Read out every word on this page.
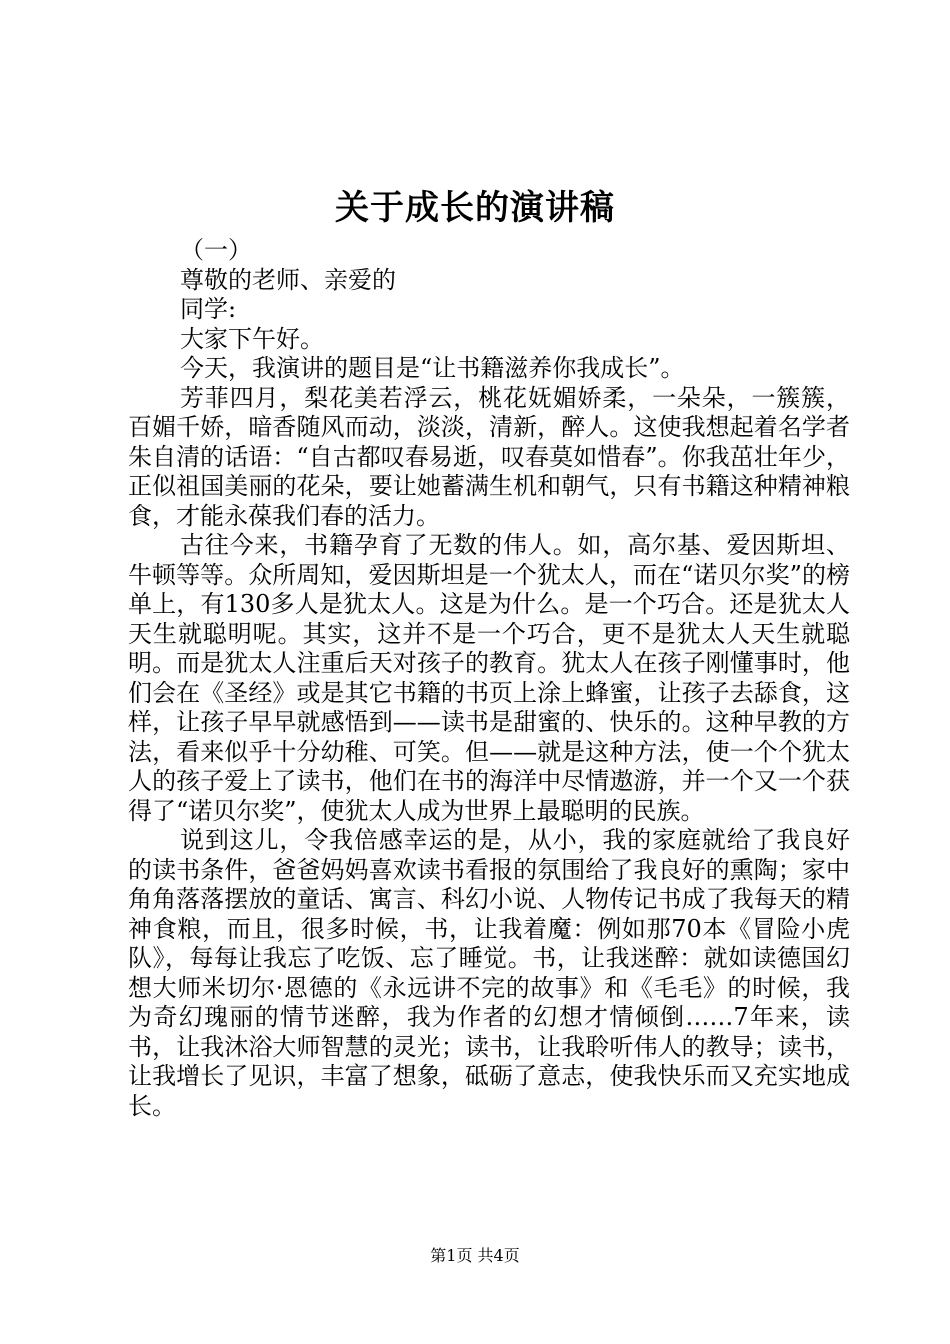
关于成长的演讲稿

（一）

尊敬的老师、亲爱的

同学:

大家下午好。

今天，我演讲的题目是“让书籍滋养你我成长”。

芳菲四月，梨花美若浮云，桃花妩媚娇柔，一朵朵，一簇簇，百媚千娇，暗香随风而动，淡淡，清新，醉人。这使我想起着名学者朱自清的话语：“自古都叹春易逝，叹春莫如惜春”。你我茁壮年少，正似祖国美丽的花朵，要让她蓄满生机和朝气，只有书籍这种精神粮食，才能永葆我们春的活力。

古往今来，书籍孕育了无数的伟人。如，高尔基、爱因斯坦、牛顿等等。众所周知，爱因斯坦是一个犹太人，而在“诺贝尔奖”的榜单上，有130多人是犹太人。这是为什么。是一个巧合。还是犹太人天生就聪明呢。其实，这并不是一个巧合，更不是犹太人天生就聪明。而是犹太人注重后天对孩子的教育。犹太人在孩子刚懂事时，他们会在《圣经》或是其它书籍的书页上涂上蜂蜜，让孩子去舔食，这样，让孩子早早就感悟到——读书是甜蜜的、快乐的。这种早教的方法，看来似乎十分幼稚、可笑。但——就是这种方法，使一个个犹太人的孩子爱上了读书，他们在书的海洋中尽情遨游，并一个又一个获得了“诺贝尔奖”，使犹太人成为世界上最聪明的民族。

说到这儿，令我倍感幸运的是，从小，我的家庭就给了我良好的读书条件，爸爸妈妈喜欢读书看报的氛围给了我良好的熏陶；家中角角落落摆放的童话、寓言、科幻小说、人物传记书成了我每天的精神食粮，而且，很多时候，书，让我着魔：例如那70本《冒险小虎队》，每每让我忘了吃饭、忘了睡觉。书，让我迷醉：就如读德国幻想大师米切尔·恩德的《永远讲不完的故事》和《毛毛》的时候，我为奇幻瑰丽的情节迷醉，我为作者的幻想才情倾倒……7年来，读书，让我沐浴大师智慧的灵光；读书，让我聆听伟人的教导；读书，让我增长了见识，丰富了想象，砥砺了意志，使我快乐而又充实地成长。

第1页 共4页
